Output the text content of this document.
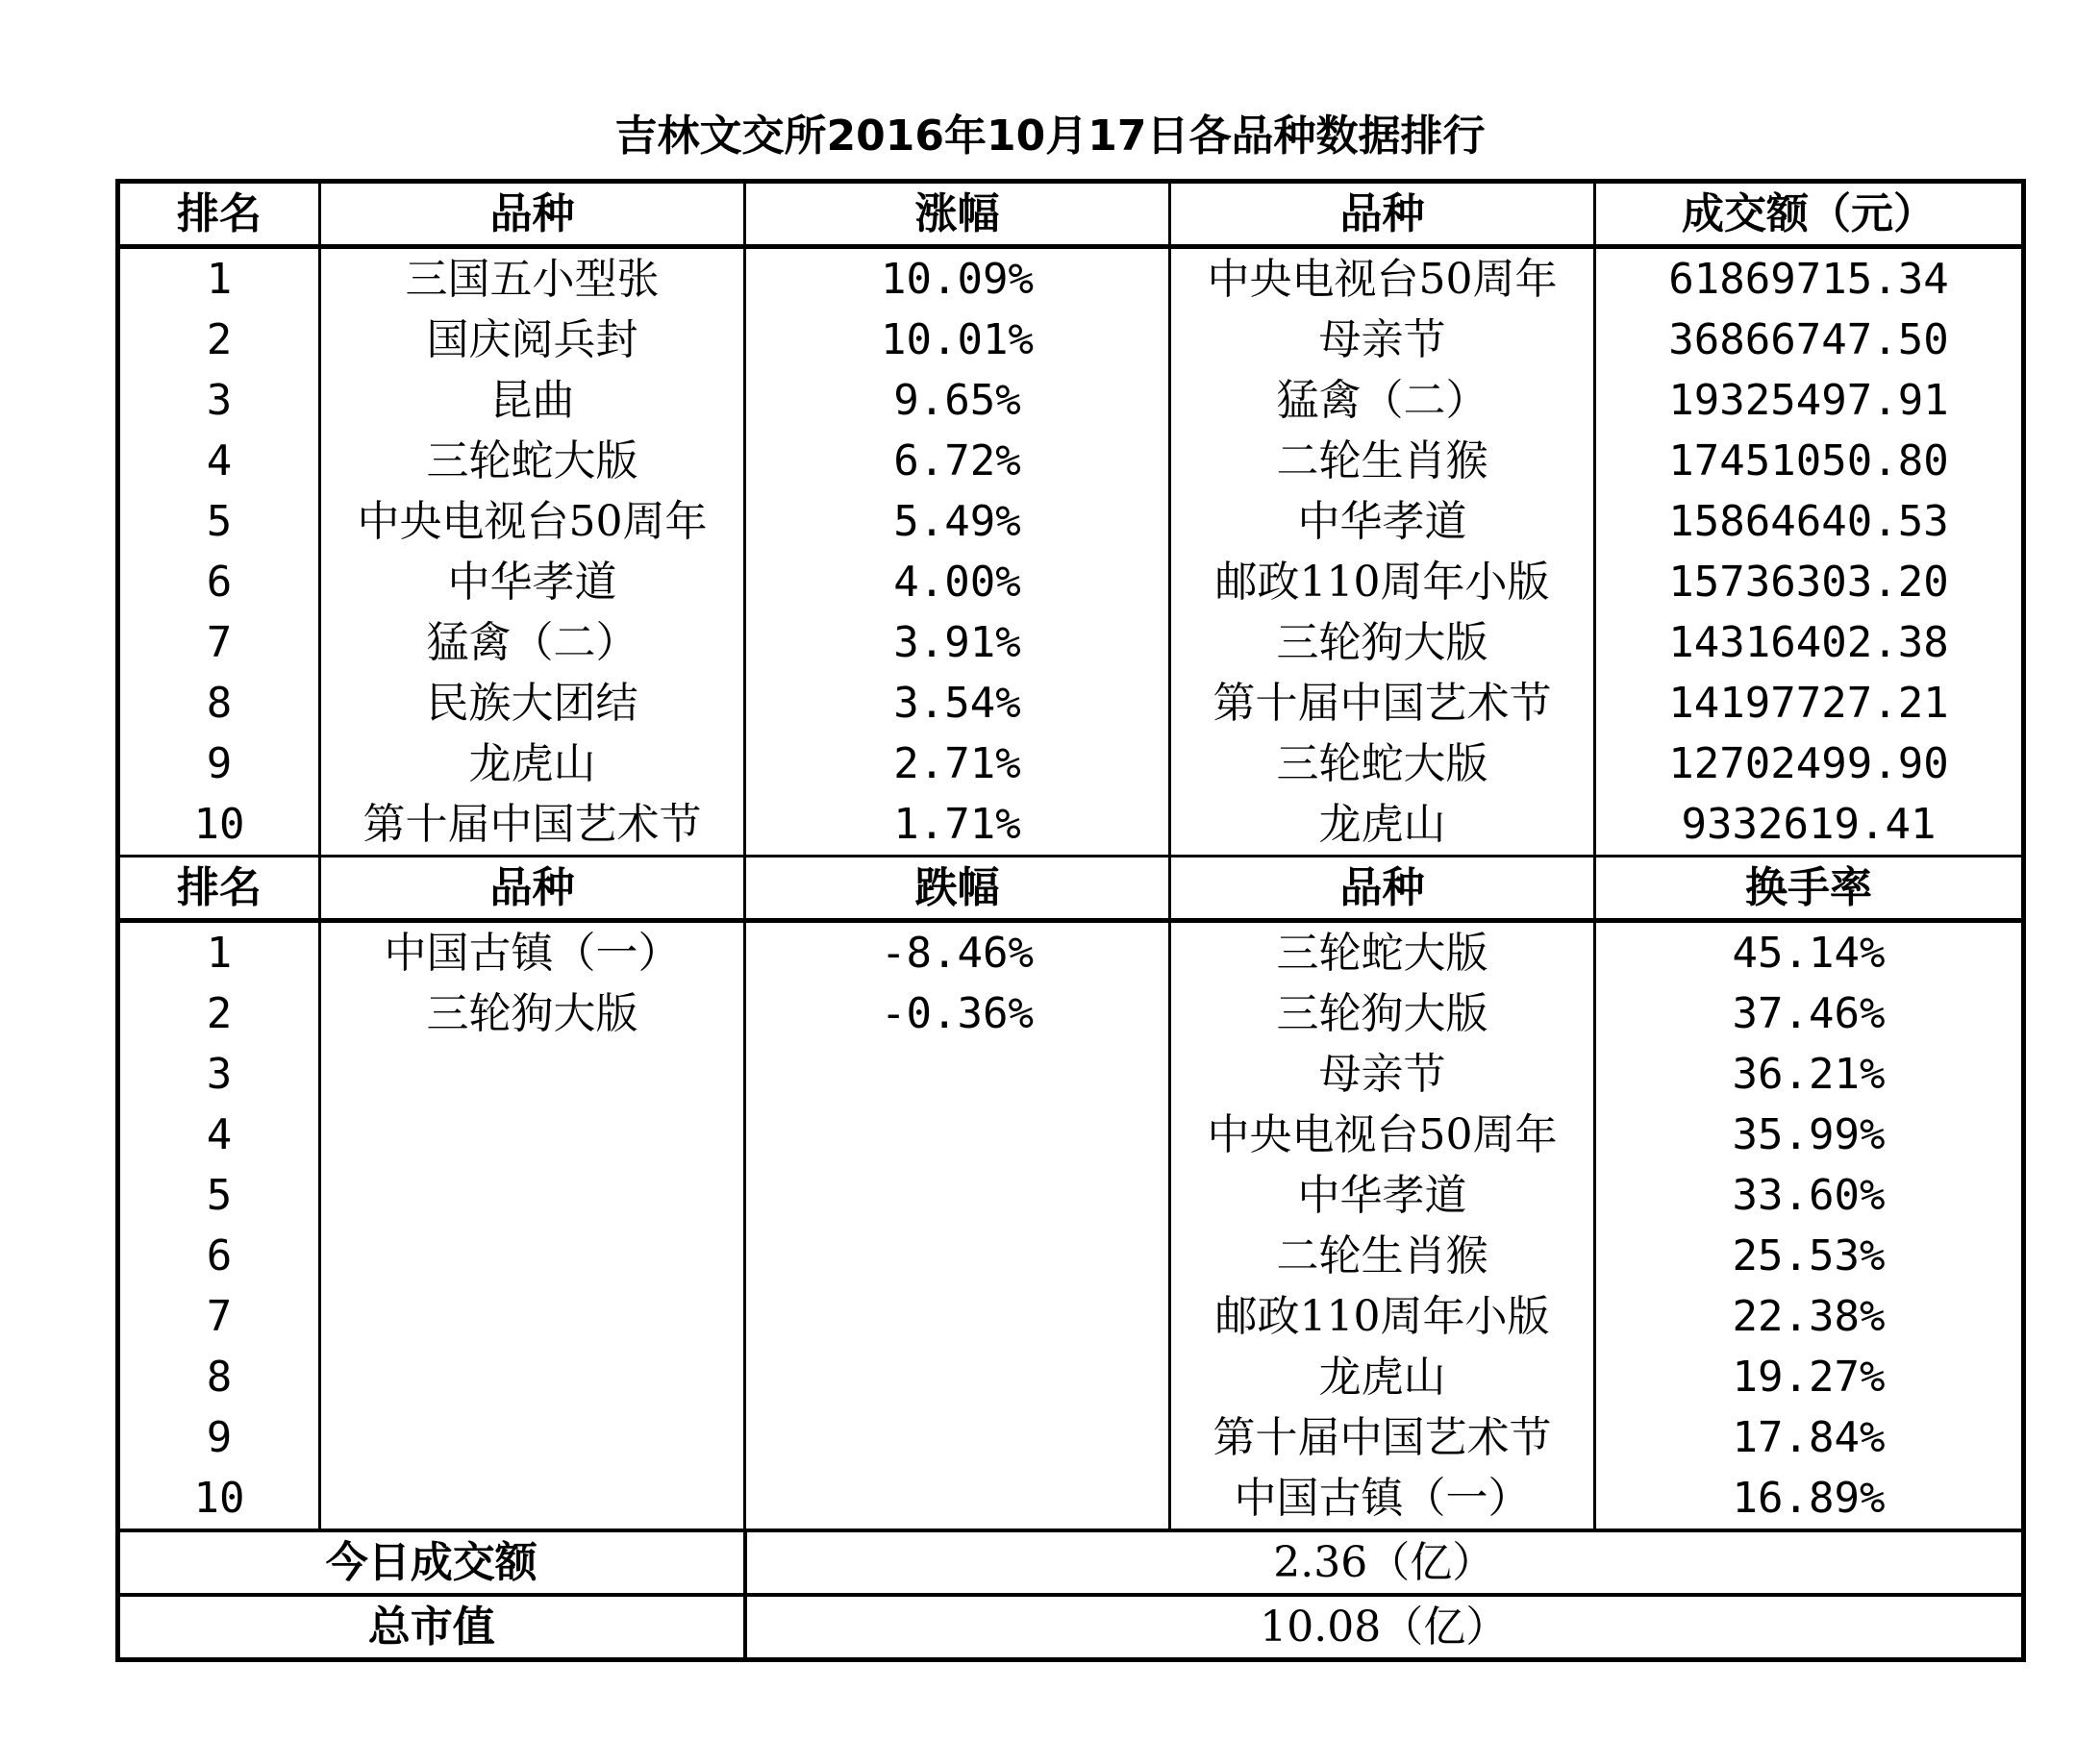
吉林文交所2016年10月17日各品种数据排行
排名	品种	涨幅	品种	成交额（元）
1	三国五小型张	10.09%	中央电视台50周年	61869715.34
2	国庆阅兵封	10.01%	母亲节	36866747.50
3	昆曲	9.65%	猛禽（二）	19325497.91
4	三轮蛇大版	6.72%	二轮生肖猴	17451050.80
5	中央电视台50周年	5.49%	中华孝道	15864640.53
6	中华孝道	4.00%	邮政110周年小版	15736303.20
7	猛禽（二）	3.91%	三轮狗大版	14316402.38
8	民族大团结	3.54%	第十届中国艺术节	14197727.21
9	龙虎山	2.71%	三轮蛇大版	12702499.90
10	第十届中国艺术节	1.71%	龙虎山	9332619.41
排名	品种	跌幅	品种	换手率
1	中国古镇（一）	-8.46%	三轮蛇大版	45.14%
2	三轮狗大版	-0.36%	三轮狗大版	37.46%
3			母亲节	36.21%
4			中央电视台50周年	35.99%
5			中华孝道	33.60%
6			二轮生肖猴	25.53%
7			邮政110周年小版	22.38%
8			龙虎山	19.27%
9			第十届中国艺术节	17.84%
10			中国古镇（一）	16.89%
今日成交额		2.36（亿）		
总市值		10.08（亿）		
